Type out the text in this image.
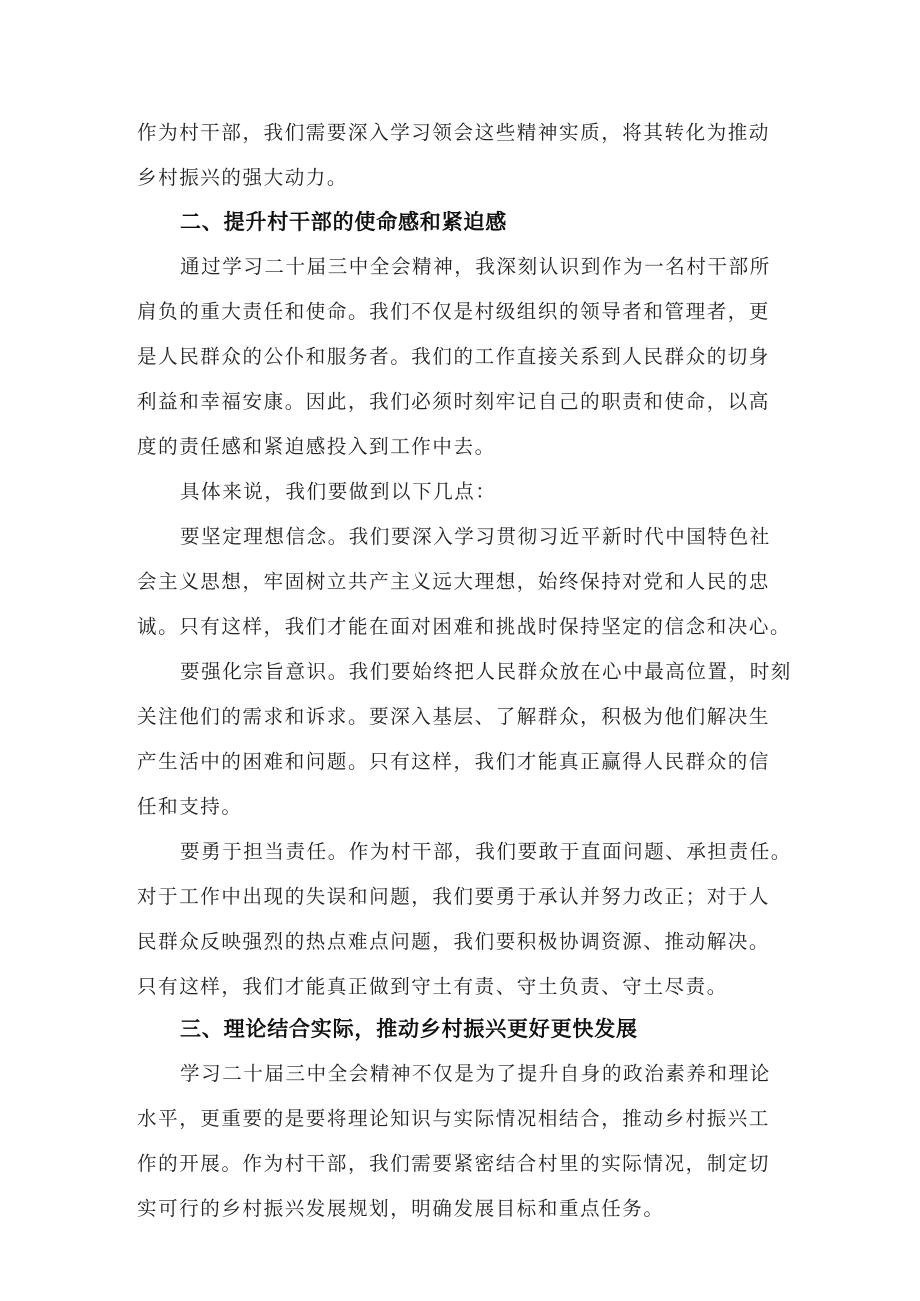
作为村干部，我们需要深入学习领会这些精神实质，将其转化为推动

乡村振兴的强大动力。

二、提升村干部的使命感和紧迫感

通过学习二十届三中全会精神，我深刻认识到作为一名村干部所

肩负的重大责任和使命。我们不仅是村级组织的领导者和管理者，更

是人民群众的公仆和服务者。我们的工作直接关系到人民群众的切身

利益和幸福安康。因此，我们必须时刻牢记自己的职责和使命，以高

度的责任感和紧迫感投入到工作中去。

具体来说，我们要做到以下几点：

要坚定理想信念。我们要深入学习贯彻习近平新时代中国特色社

会主义思想，牢固树立共产主义远大理想，始终保持对党和人民的忠

诚。只有这样，我们才能在面对困难和挑战时保持坚定的信念和决心。

要强化宗旨意识。我们要始终把人民群众放在心中最高位置，时刻

关注他们的需求和诉求。要深入基层、了解群众，积极为他们解决生

产生活中的困难和问题。只有这样，我们才能真正赢得人民群众的信

任和支持。

要勇于担当责任。作为村干部，我们要敢于直面问题、承担责任。

对于工作中出现的失误和问题，我们要勇于承认并努力改正；对于人

民群众反映强烈的热点难点问题，我们要积极协调资源、推动解决。

只有这样，我们才能真正做到守土有责、守土负责、守土尽责。

三、理论结合实际，推动乡村振兴更好更快发展

学习二十届三中全会精神不仅是为了提升自身的政治素养和理论

水平，更重要的是要将理论知识与实际情况相结合，推动乡村振兴工

作的开展。作为村干部，我们需要紧密结合村里的实际情况，制定切

实可行的乡村振兴发展规划，明确发展目标和重点任务。
